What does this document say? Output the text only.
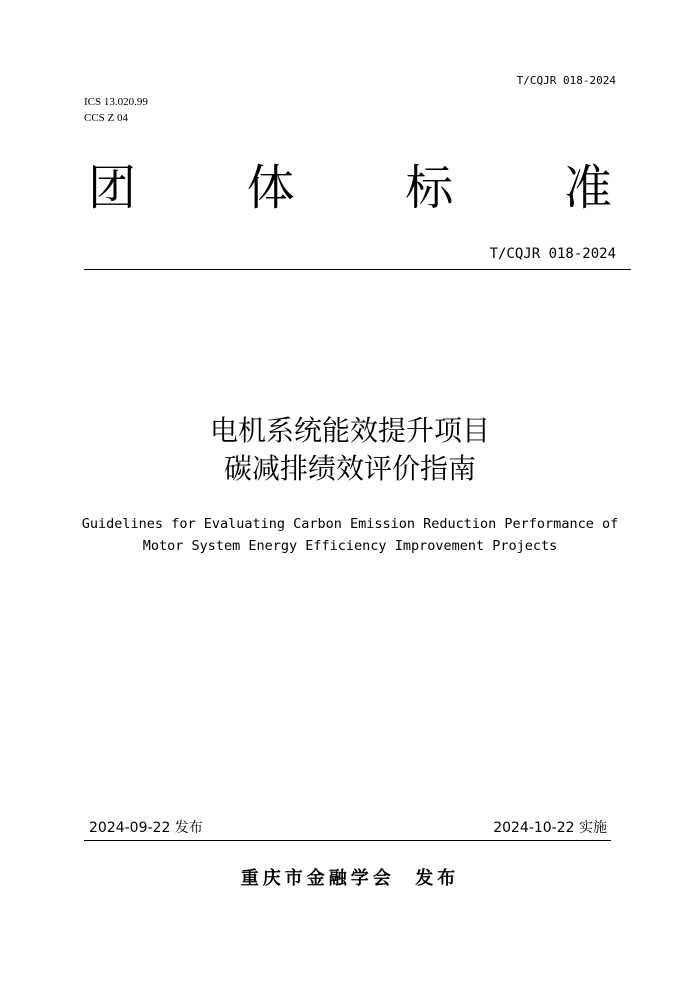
T/CQJR 018-2024
ICS 13.020.99
CCS Z 04
团 体 标 准
T/CQJR 018-2024
电机系统能效提升项目
碳减排绩效评价指南
Guidelines for Evaluating Carbon Emission Reduction Performance of
Motor System Energy Efficiency Improvement Projects
2024-09-22 发布	2024-10-22 实施
重庆市金融学会  发布
